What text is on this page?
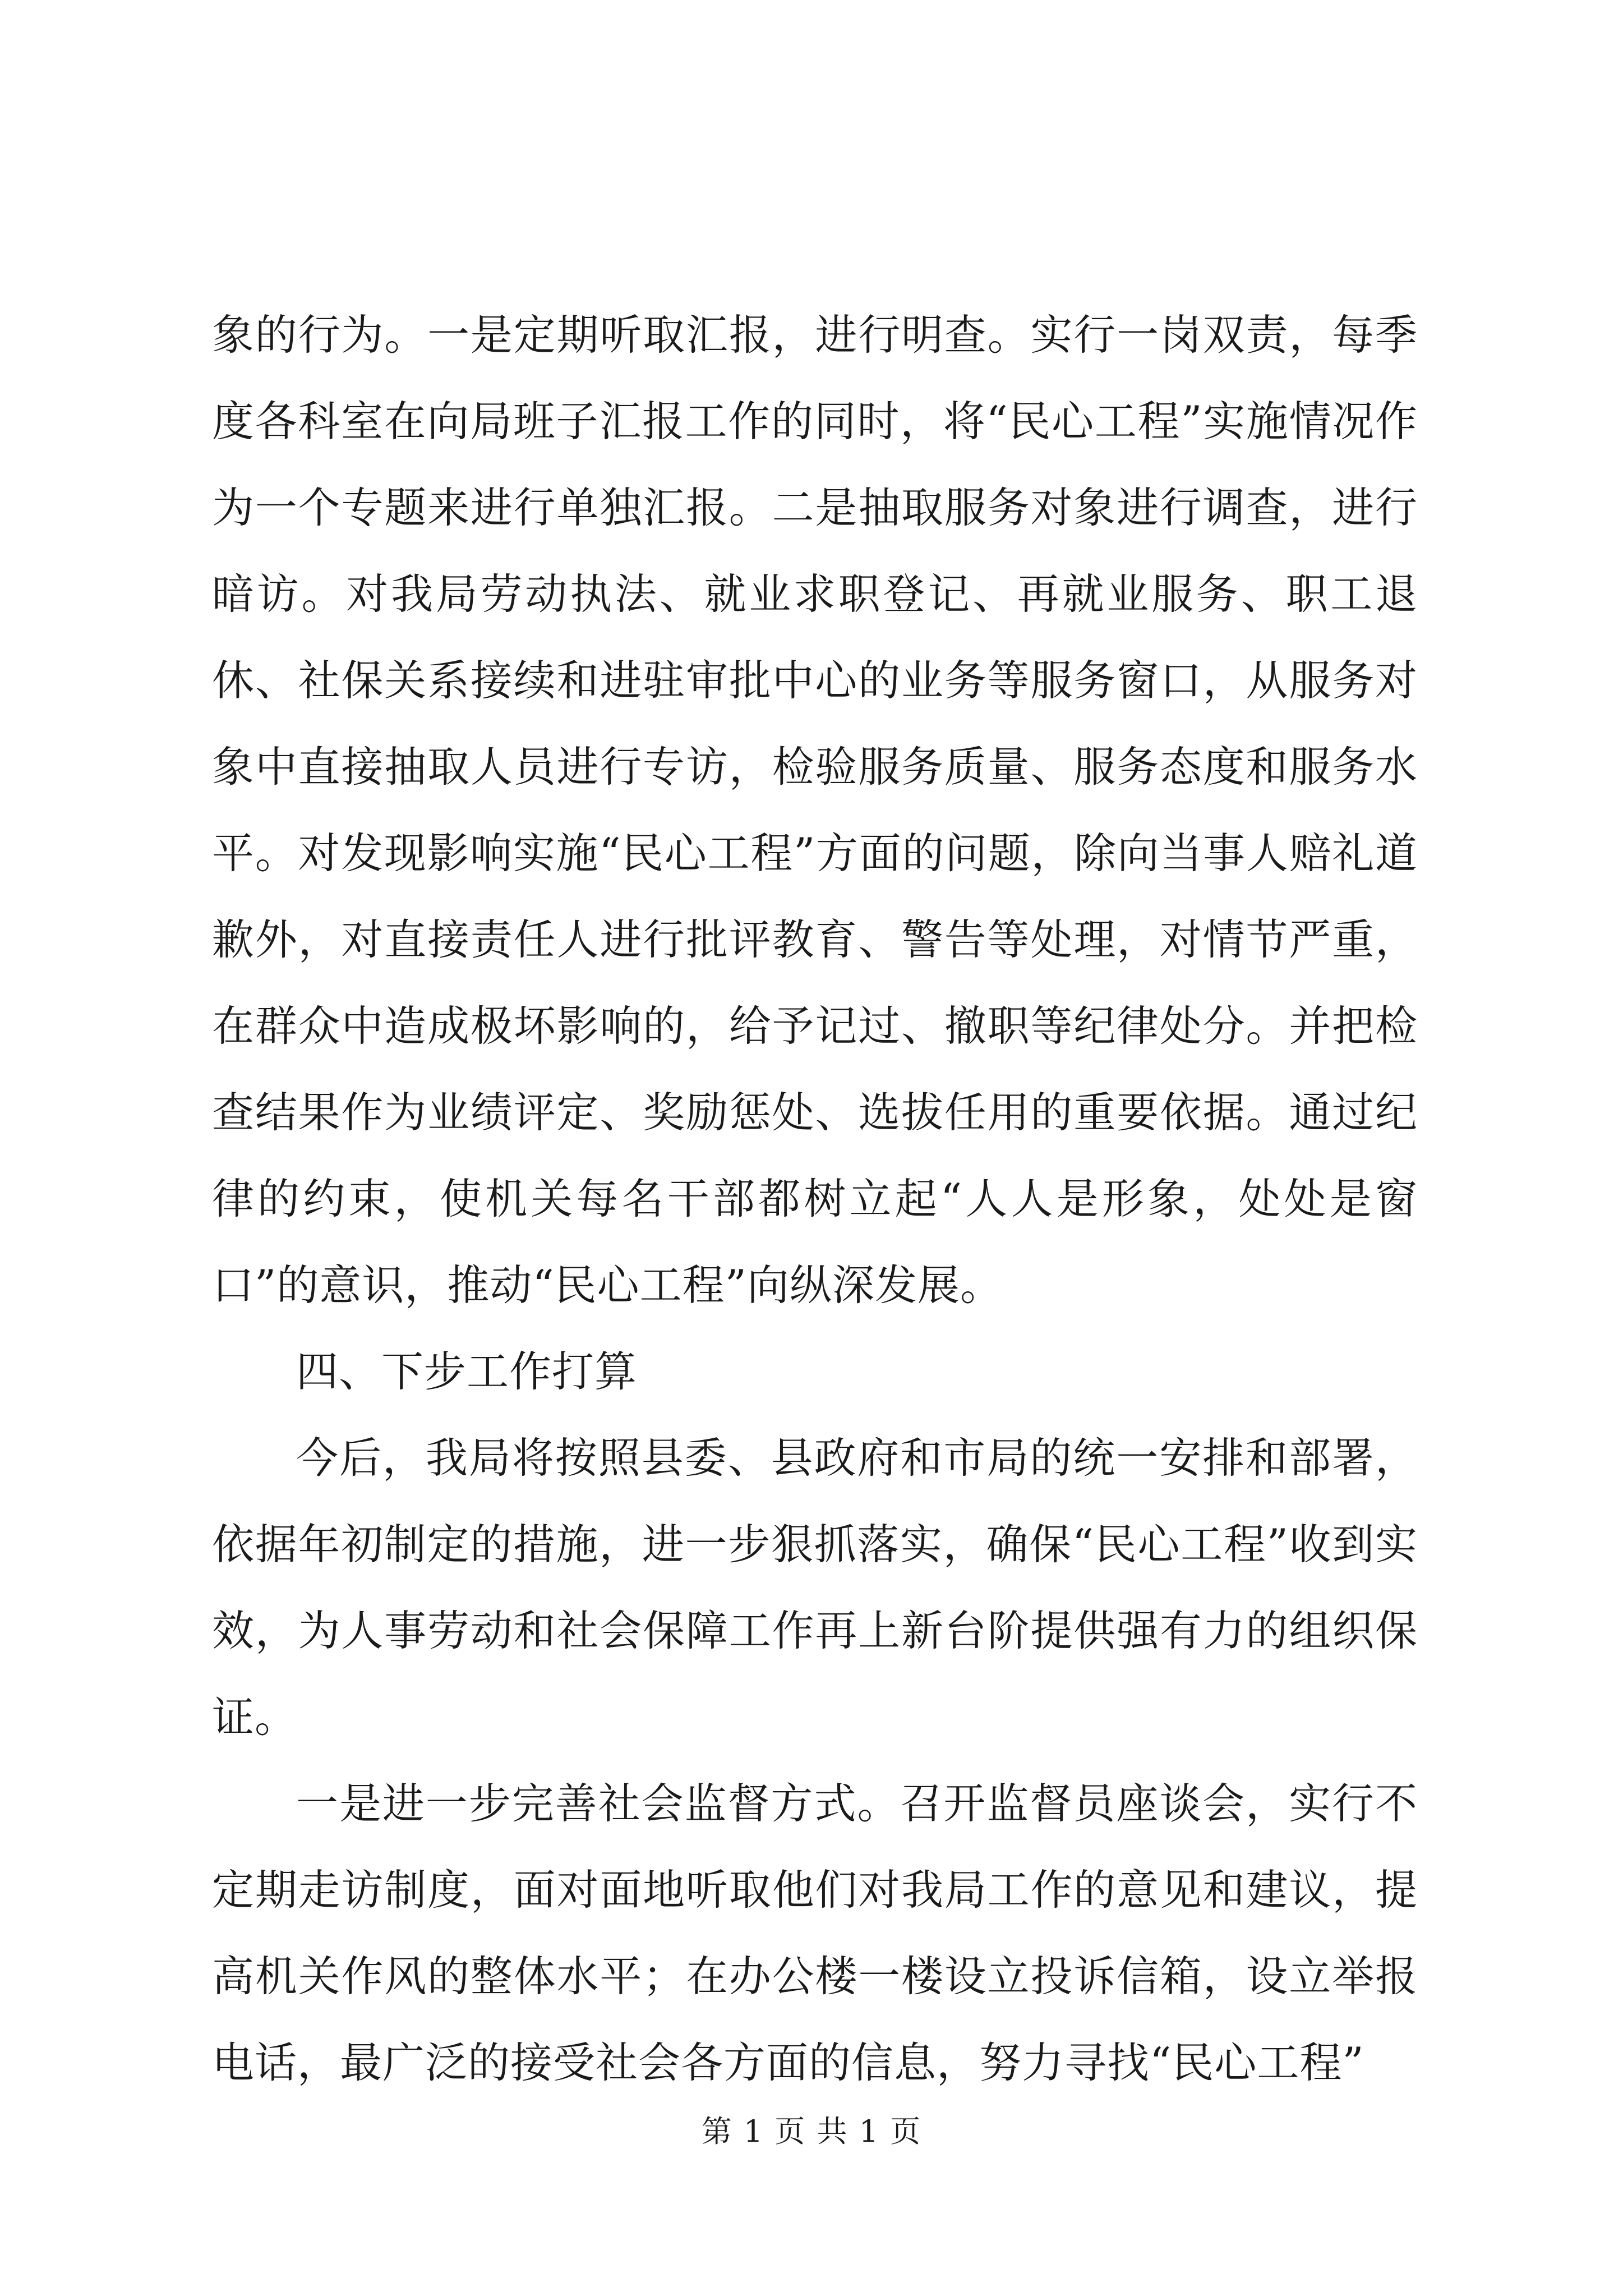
象的行为。一是定期听取汇报，进行明查。实行一岗双责，每季度各科室在向局班子汇报工作的同时，将“民心工程”实施情况作为一个专题来进行单独汇报。二是抽取服务对象进行调查，进行暗访。对我局劳动执法、就业求职登记、再就业服务、职工退休、社保关系接续和进驻审批中心的业务等服务窗口，从服务对象中直接抽取人员进行专访，检验服务质量、服务态度和服务水平。对发现影响实施“民心工程”方面的问题，除向当事人赔礼道歉外，对直接责任人进行批评教育、警告等处理，对情节严重，在群众中造成极坏影响的，给予记过、撤职等纪律处分。并把检查结果作为业绩评定、奖励惩处、选拔任用的重要依据。通过纪律的约束，使机关每名干部都树立起“人人是形象，处处是窗口”的意识，推动“民心工程”向纵深发展。

四、下步工作打算

今后，我局将按照县委、县政府和市局的统一安排和部署，依据年初制定的措施，进一步狠抓落实，确保“民心工程”收到实效，为人事劳动和社会保障工作再上新台阶提供强有力的组织保证。

一是进一步完善社会监督方式。召开监督员座谈会，实行不定期走访制度，面对面地听取他们对我局工作的意见和建议，提高机关作风的整体水平；在办公楼一楼设立投诉信箱，设立举报电话，最广泛的接受社会各方面的信息，努力寻找“民心工程”

第 1 页 共 1 页
